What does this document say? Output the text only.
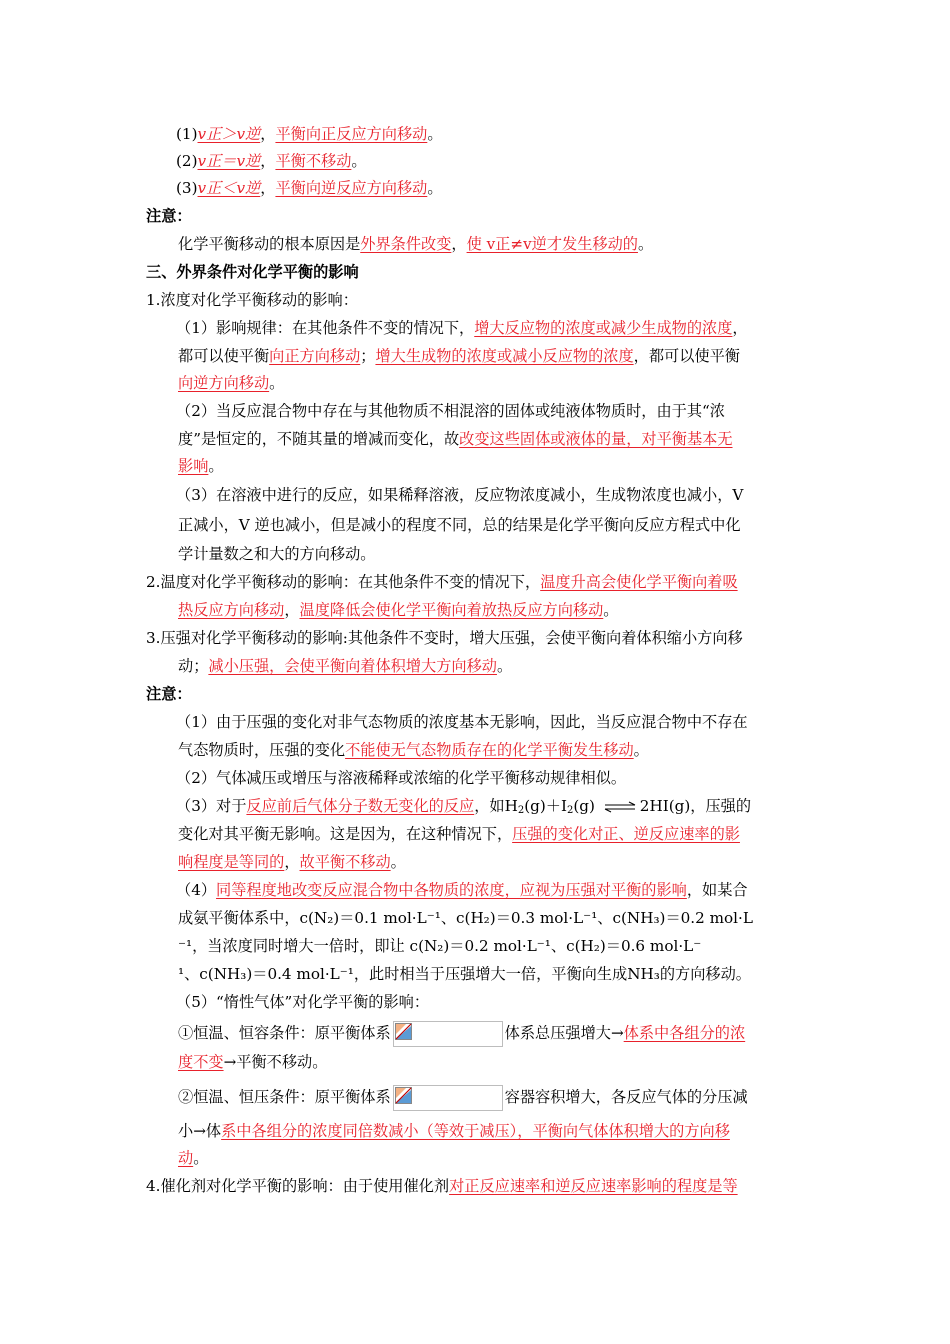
(1)v正＞v逆，平衡向正反应方向移动。
(2)v正＝v逆，平衡不移动。
(3)v正＜v逆，平衡向逆反应方向移动。
注意：
化学平衡移动的根本原因是外界条件改变，使 v正≠v逆才发生移动的。
三、外界条件对化学平衡的影响
1.浓度对化学平衡移动的影响：
（1）影响规律：在其他条件不变的情况下，增大反应物的浓度或减少生成物的浓度，
都可以使平衡向正方向移动；增大生成物的浓度或减小反应物的浓度，都可以使平衡
向逆方向移动。
（2）当反应混合物中存在与其他物质不相混溶的固体或纯液体物质时，由于其“浓
度”是恒定的，不随其量的增减而变化，故改变这些固体或液体的量，对平衡基本无
影响。
（3）在溶液中进行的反应，如果稀释溶液，反应物浓度减小，生成物浓度也减小，V
正减小，V 逆也减小，但是减小的程度不同，总的结果是化学平衡向反应方程式中化
学计量数之和大的方向移动。
2.温度对化学平衡移动的影响：在其他条件不变的情况下，温度升高会使化学平衡向着吸
热反应方向移动，温度降低会使化学平衡向着放热反应方向移动。
3.压强对化学平衡移动的影响:其他条件不变时，增大压强，会使平衡向着体积缩小方向移
动；减小压强，会使平衡向着体积增大方向移动。
注意：
（1）由于压强的变化对非气态物质的浓度基本无影响，因此，当反应混合物中不存在
气态物质时，压强的变化不能使无气态物质存在的化学平衡发生移动。
（2）气体减压或增压与溶液稀释或浓缩的化学平衡移动规律相似。
（3）对于反应前后气体分子数无变化的反应，如$H_2(g)+I_2(g)$ ⇌ 2HI(g)，压强的
变化对其平衡无影响。这是因为，在这种情况下，压强的变化对正、逆反应速率的影
响程度是等同的，故平衡不移动。
（4）同等程度地改变反应混合物中各物质的浓度，应视为压强对平衡的影响，如某合
成氨平衡体系中，c(N₂)＝0.1 mol·L⁻¹、c(H₂)＝0.3 mol·L⁻¹、c(NH₃)＝0.2 mol·L
⁻¹，当浓度同时增大一倍时，即让 c(N₂)＝0.2 mol·L⁻¹、c(H₂)＝0.6 mol·L⁻
¹、c(NH₃)＝0.4 mol·L⁻¹，此时相当于压强增大一倍，平衡向生成NH₃的方向移动。
（5）“惰性气体”对化学平衡的影响：
①恒温、恒容条件：原平衡体系	体系总压强增大→体系中各组分的浓
度不变→平衡不移动。
②恒温、恒压条件：原平衡体系	容器容积增大，各反应气体的分压减
小→体系中各组分的浓度同倍数减小（等效于减压），平衡向气体体积增大的方向移
动。
4.催化剂对化学平衡的影响：由于使用催化剂对正反应速率和逆反应速率影响的程度是等
